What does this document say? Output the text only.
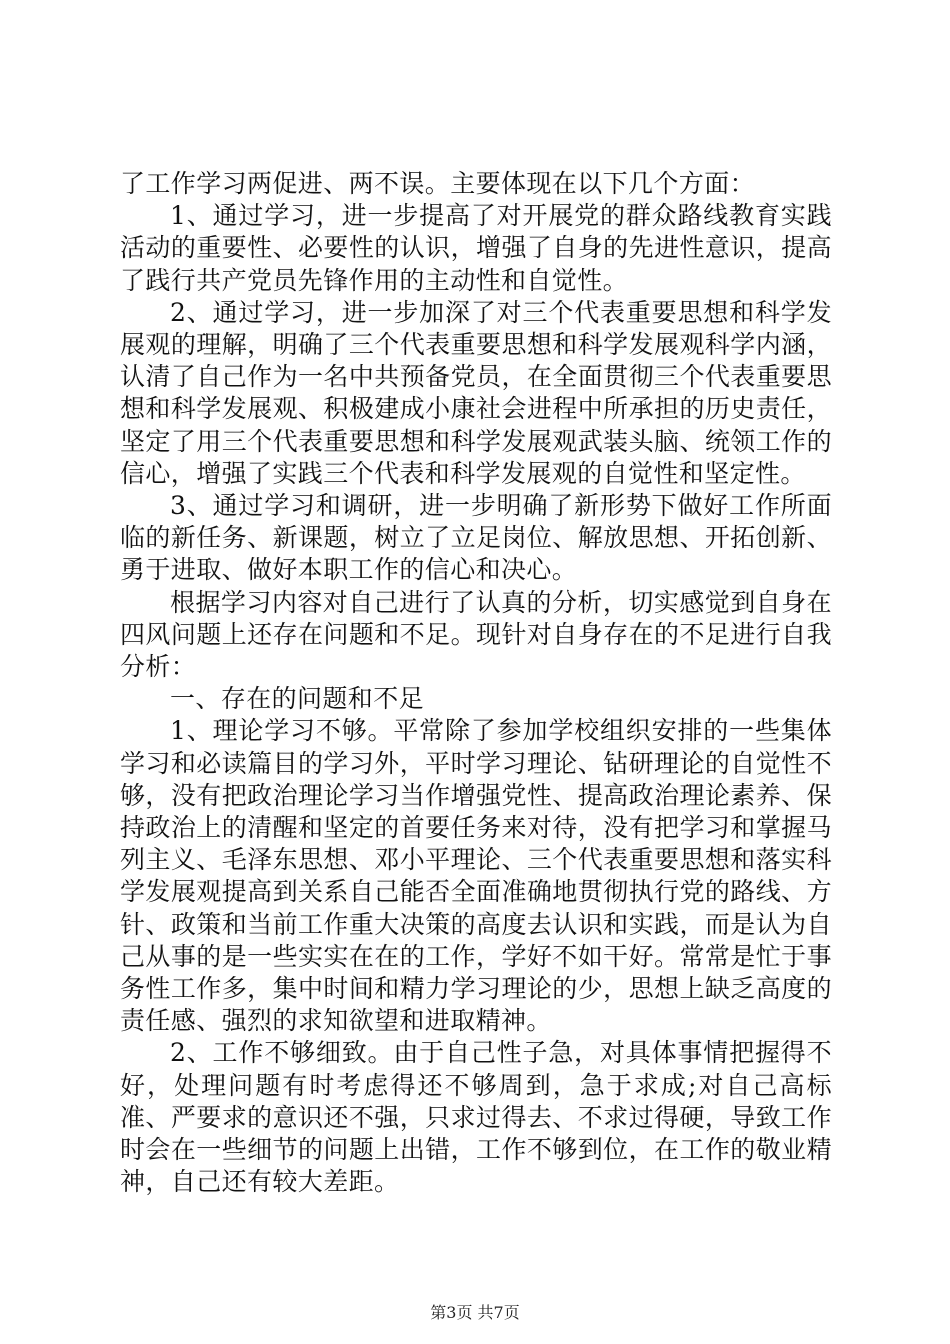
了工作学习两促进、两不误。主要体现在以下几个方面：

1、通过学习，进一步提高了对开展党的群众路线教育实践活动的重要性、必要性的认识，增强了自身的先进性意识，提高了践行共产党员先锋作用的主动性和自觉性。

2、通过学习，进一步加深了对三个代表重要思想和科学发展观的理解，明确了三个代表重要思想和科学发展观科学内涵，认清了自己作为一名中共预备党员，在全面贯彻三个代表重要思想和科学发展观、积极建成小康社会进程中所承担的历史责任，坚定了用三个代表重要思想和科学发展观武装头脑、统领工作的信心，增强了实践三个代表和科学发展观的自觉性和坚定性。

3、通过学习和调研，进一步明确了新形势下做好工作所面临的新任务、新课题，树立了立足岗位、解放思想、开拓创新、勇于进取、做好本职工作的信心和决心。

根据学习内容对自己进行了认真的分析，切实感觉到自身在四风问题上还存在问题和不足。现针对自身存在的不足进行自我分析：

一、存在的问题和不足

1、理论学习不够。平常除了参加学校组织安排的一些集体学习和必读篇目的学习外，平时学习理论、钻研理论的自觉性不够，没有把政治理论学习当作增强党性、提高政治理论素养、保持政治上的清醒和坚定的首要任务来对待，没有把学习和掌握马列主义、毛泽东思想、邓小平理论、三个代表重要思想和落实科学发展观提高到关系自己能否全面准确地贯彻执行党的路线、方针、政策和当前工作重大决策的高度去认识和实践，而是认为自己从事的是一些实实在在的工作，学好不如干好。常常是忙于事务性工作多，集中时间和精力学习理论的少，思想上缺乏高度的责任感、强烈的求知欲望和进取精神。

2、工作不够细致。由于自己性子急，对具体事情把握得不好，处理问题有时考虑得还不够周到，急于求成;对自己高标准、严要求的意识还不强，只求过得去、不求过得硬，导致工作时会在一些细节的问题上出错，工作不够到位，在工作的敬业精神，自己还有较大差距。

第3页 共7页
